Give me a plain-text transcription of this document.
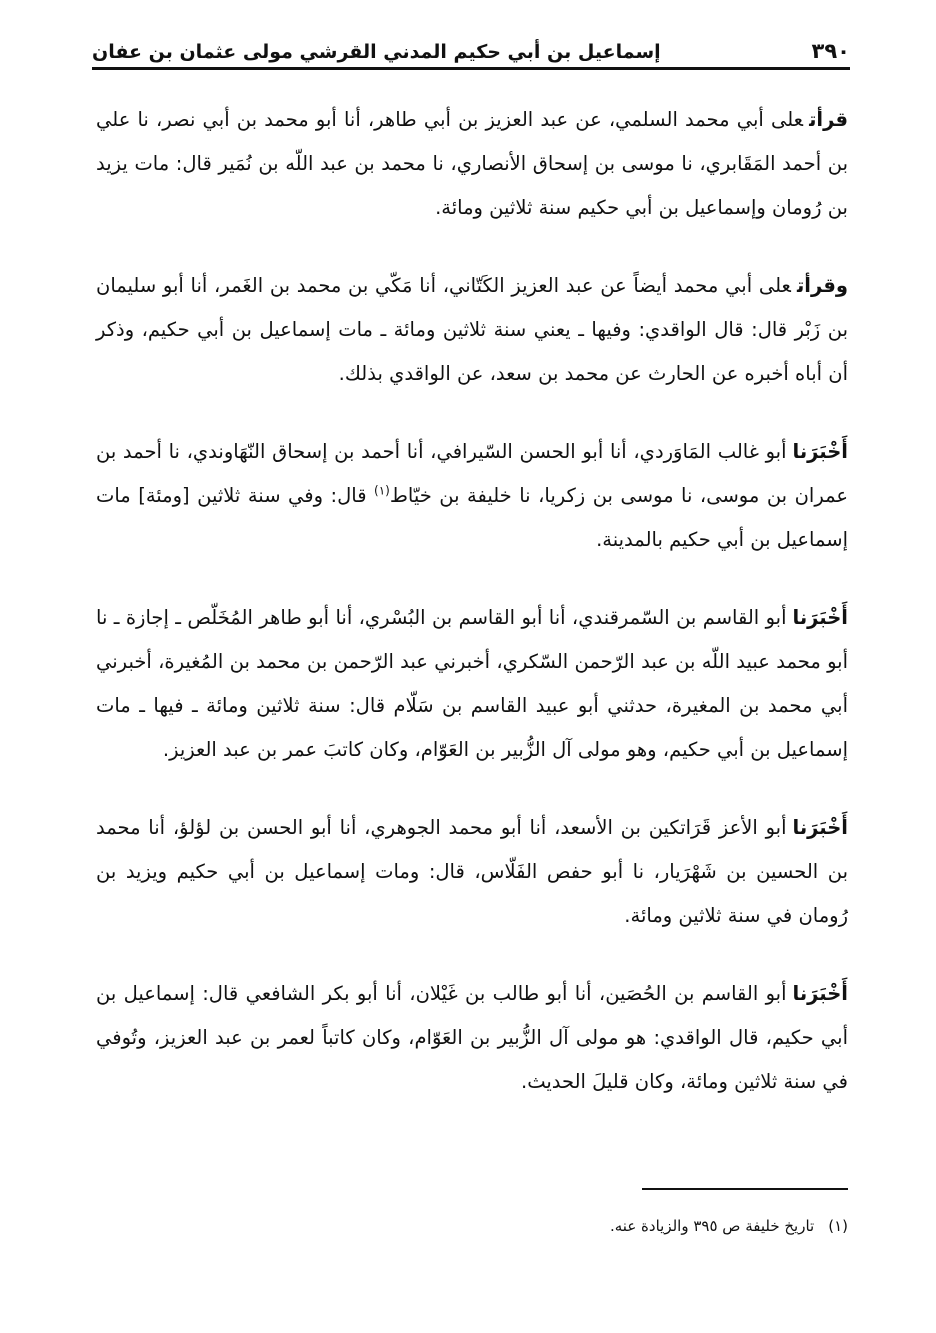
٣٩٠
إسماعيل بن أبي حكيم المدني القرشي مولى عثمان بن عفان

قرأتعلى أبي محمد السلمي، عن عبد العزيز بن أبي طاهر، أنا أبو محمد بن أبي نصر، نا علي بن أحمد المَقَابري، نا موسى بن إسحاق الأنصاري، نا محمد بن عبد اللّه بن نُمَير قال: مات يزيد بن رُومان وإسماعيل بن أبي حكيم سنة ثلاثين ومائة.

وقرأتعلى أبي محمد أيضاً عن عبد العزيز الكَتّاني، أنا مَكّي بن محمد بن الغَمر، أنا أبو سليمان بن زَبْر قال: قال الواقدي: وفيها ـ يعني سنة ثلاثين ومائة ـ مات إسماعيل بن أبي حكيم، وذكر أن أباه أخبره عن الحارث عن محمد بن سعد، عن الواقدي بذلك.

أَخْبَرَناأبو غالب المَاوَردي، أنا أبو الحسن السّيرافي، أنا أحمد بن إسحاق النّهَاوندي، نا أحمد بن عمران بن موسى، نا موسى بن زكريا، نا خليفة بن خيّاط$^{(١)}$ قال: وفي سنة ثلاثين [ومئة] مات إسماعيل بن أبي حكيم بالمدينة.

أَخْبَرَناأبو القاسم بن السّمرقندي، أنا أبو القاسم بن البُسْري، أنا أبو طاهر المُخَلّص ـ إجازة ـ نا أبو محمد عبيد اللّه بن عبد الرّحمن السّكري، أخبرني عبد الرّحمن بن محمد بن المُغيرة، أخبرني أبي محمد بن المغيرة، حدثني أبو عبيد القاسم بن سَلّام قال: سنة ثلاثين ومائة ـ فيها ـ مات إسماعيل بن أبي حكيم، وهو مولى آل الزُّبير بن العَوّام، وكان كاتبَ عمر بن عبد العزيز.

أَخْبَرَناأبو الأعز قَرَاتكين بن الأسعد، أنا أبو محمد الجوهري، أنا أبو الحسن بن لؤلؤ، أنا محمد بن الحسين بن شَهْرَيار، نا أبو حفص الفَلّاس، قال: ومات إسماعيل بن أبي حكيم ويزيد بن رُومان في سنة ثلاثين ومائة.

أَخْبَرَناأبو القاسم بن الحُصَين، أنا أبو طالب بن غَيْلان، أنا أبو بكر الشافعي قال: إسماعيل بن أبي حكيم، قال الواقدي: هو مولى آل الزُّبير بن العَوّام، وكان كاتباً لعمر بن عبد العزيز، وتُوفي في سنة ثلاثين ومائة، وكان قليلَ الحديث.

(١)تاريخ خليفة ص ٣٩٥ والزيادة عنه.
